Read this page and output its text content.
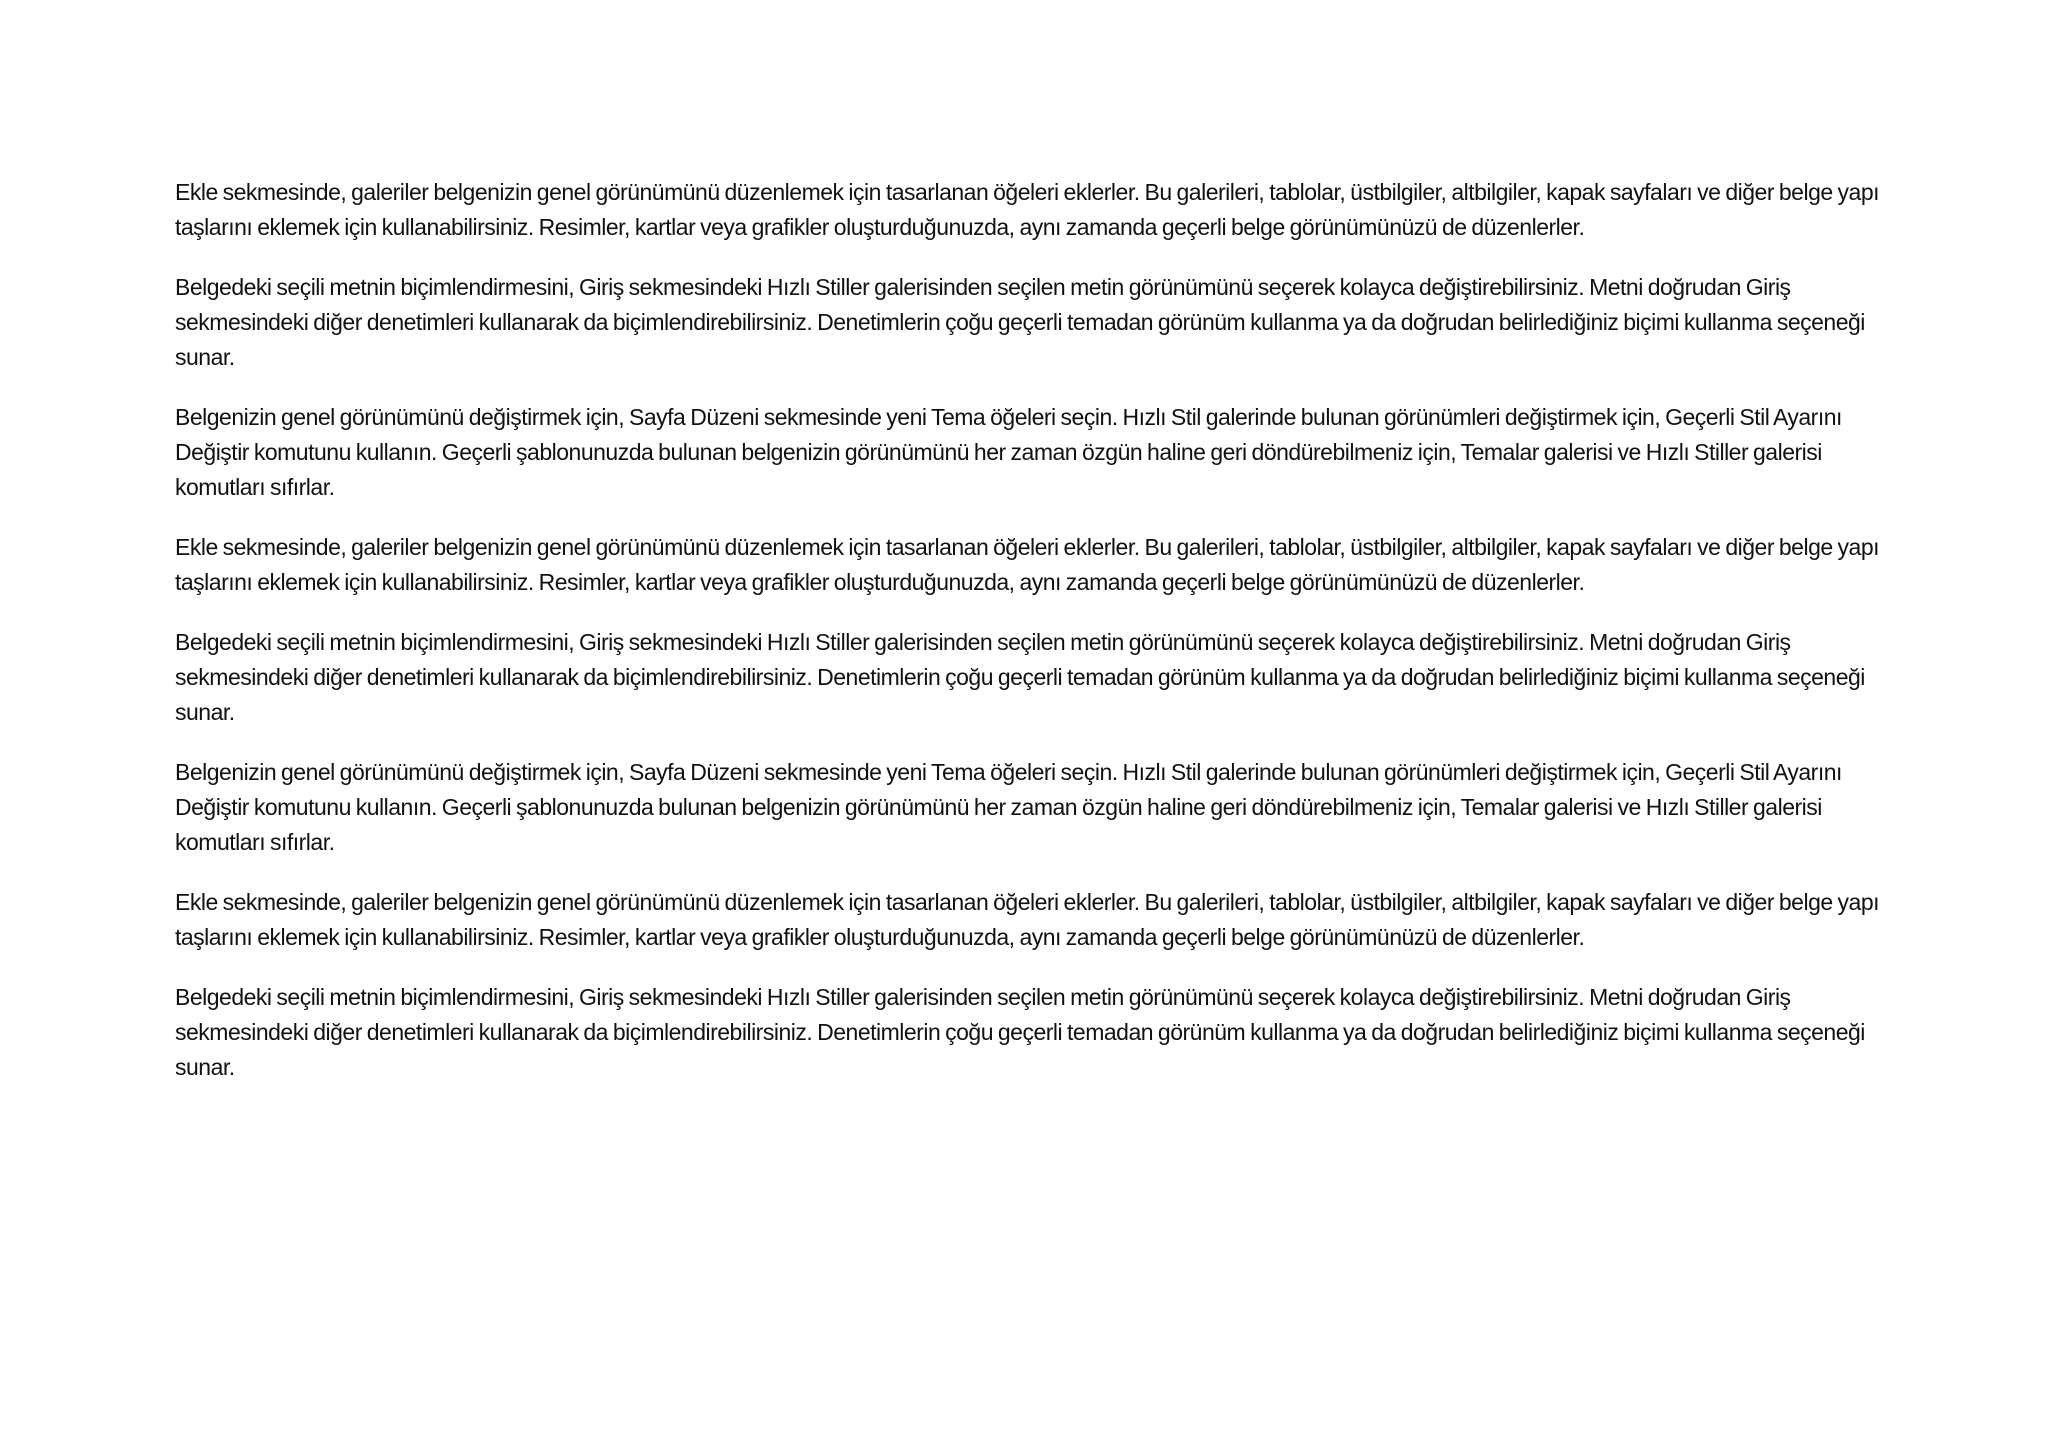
Ekle sekmesinde, galeriler belgenizin genel görünümünü düzenlemek için tasarlanan öğeleri eklerler. Bu galerileri, tablolar, üstbilgiler, altbilgiler, kapak sayfaları ve diğer belge yapı taşlarını eklemek için kullanabilirsiniz. Resimler, kartlar veya grafikler oluşturduğunuzda, aynı zamanda geçerli belge görünümünüzü de düzenlerler.

Belgedeki seçili metnin biçimlendirmesini, Giriş sekmesindeki Hızlı Stiller galerisinden seçilen metin görünümünü seçerek kolayca değiştirebilirsiniz. Metni doğrudan Giriş sekmesindeki diğer denetimleri kullanarak da biçimlendirebilirsiniz. Denetimlerin çoğu geçerli temadan görünüm kullanma ya da doğrudan belirlediğiniz biçimi kullanma seçeneği sunar.

Belgenizin genel görünümünü değiştirmek için, Sayfa Düzeni sekmesinde yeni Tema öğeleri seçin. Hızlı Stil galerinde bulunan görünümleri değiştirmek için, Geçerli Stil Ayarını Değiştir komutunu kullanın. Geçerli şablonunuzda bulunan belgenizin görünümünü her zaman özgün haline geri döndürebilmeniz için, Temalar galerisi ve Hızlı Stiller galerisi komutları sıfırlar.

Ekle sekmesinde, galeriler belgenizin genel görünümünü düzenlemek için tasarlanan öğeleri eklerler. Bu galerileri, tablolar, üstbilgiler, altbilgiler, kapak sayfaları ve diğer belge yapı taşlarını eklemek için kullanabilirsiniz. Resimler, kartlar veya grafikler oluşturduğunuzda, aynı zamanda geçerli belge görünümünüzü de düzenlerler.

Belgedeki seçili metnin biçimlendirmesini, Giriş sekmesindeki Hızlı Stiller galerisinden seçilen metin görünümünü seçerek kolayca değiştirebilirsiniz. Metni doğrudan Giriş sekmesindeki diğer denetimleri kullanarak da biçimlendirebilirsiniz. Denetimlerin çoğu geçerli temadan görünüm kullanma ya da doğrudan belirlediğiniz biçimi kullanma seçeneği sunar.

Belgenizin genel görünümünü değiştirmek için, Sayfa Düzeni sekmesinde yeni Tema öğeleri seçin. Hızlı Stil galerinde bulunan görünümleri değiştirmek için, Geçerli Stil Ayarını Değiştir komutunu kullanın. Geçerli şablonunuzda bulunan belgenizin görünümünü her zaman özgün haline geri döndürebilmeniz için, Temalar galerisi ve Hızlı Stiller galerisi komutları sıfırlar.

Ekle sekmesinde, galeriler belgenizin genel görünümünü düzenlemek için tasarlanan öğeleri eklerler. Bu galerileri, tablolar, üstbilgiler, altbilgiler, kapak sayfaları ve diğer belge yapı taşlarını eklemek için kullanabilirsiniz. Resimler, kartlar veya grafikler oluşturduğunuzda, aynı zamanda geçerli belge görünümünüzü de düzenlerler.

Belgedeki seçili metnin biçimlendirmesini, Giriş sekmesindeki Hızlı Stiller galerisinden seçilen metin görünümünü seçerek kolayca değiştirebilirsiniz. Metni doğrudan Giriş sekmesindeki diğer denetimleri kullanarak da biçimlendirebilirsiniz. Denetimlerin çoğu geçerli temadan görünüm kullanma ya da doğrudan belirlediğiniz biçimi kullanma seçeneği sunar.
